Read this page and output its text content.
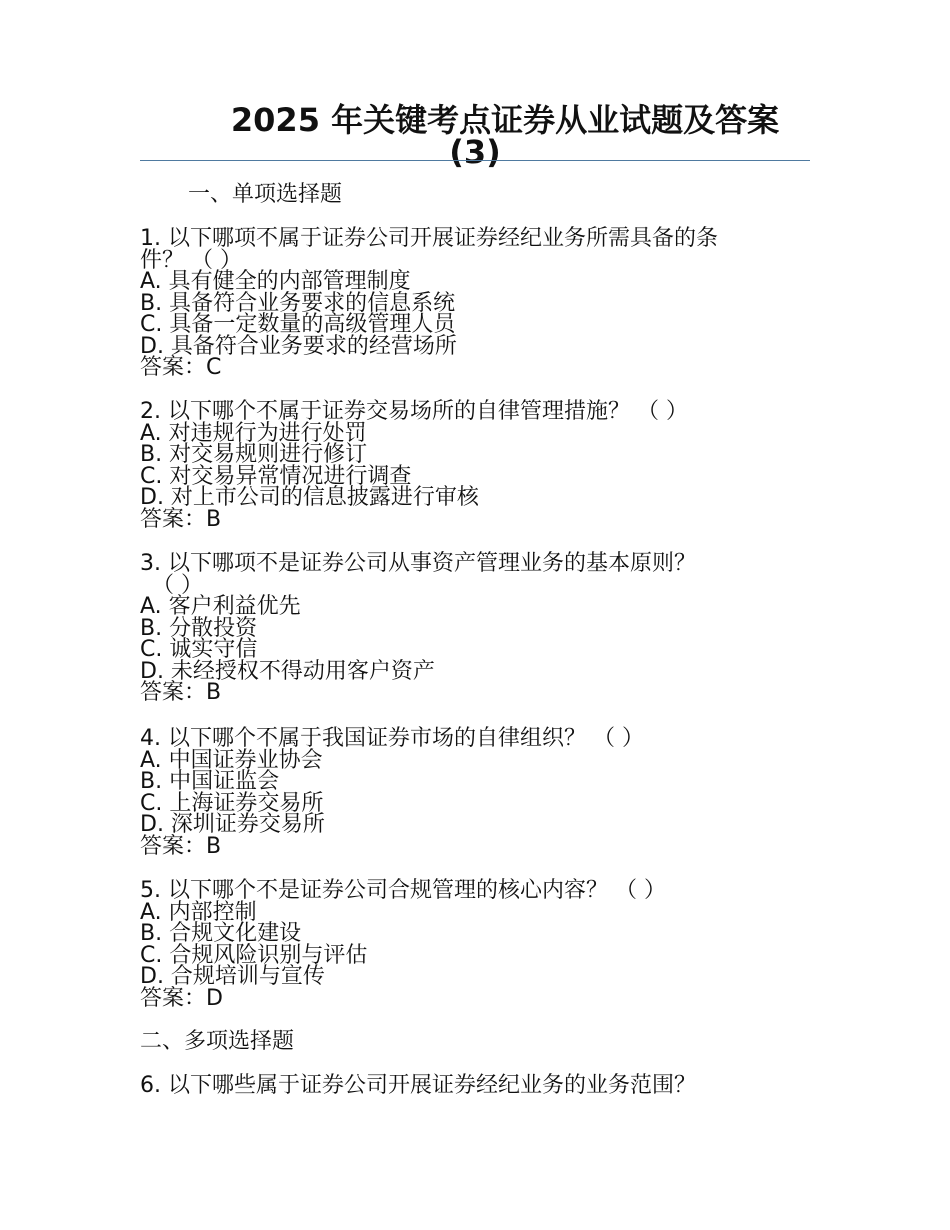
2025 年关键考点证券从业试题及答案
(3)
一、单项选择题
1. 以下哪项不属于证券公司开展证券经纪业务所需具备的条
件？ （ ）
A. 具有健全的内部管理制度
B. 具备符合业务要求的信息系统
C. 具备一定数量的高级管理人员
D. 具备符合业务要求的经营场所
答案：C
2. 以下哪个不属于证券交易场所的自律管理措施？ （ ）
A. 对违规行为进行处罚
B. 对交易规则进行修订
C. 对交易异常情况进行调查
D. 对上市公司的信息披露进行审核
答案：B
3. 以下哪项不是证券公司从事资产管理业务的基本原则？
（ ）
A. 客户利益优先
B. 分散投资
C. 诚实守信
D. 未经授权不得动用客户资产
答案：B
4. 以下哪个不属于我国证券市场的自律组织？ （ ）
A. 中国证券业协会
B. 中国证监会
C. 上海证券交易所
D. 深圳证券交易所
答案：B
5. 以下哪个不是证券公司合规管理的核心内容？ （ ）
A. 内部控制
B. 合规文化建设
C. 合规风险识别与评估
D. 合规培训与宣传
答案：D
二、多项选择题
6. 以下哪些属于证券公司开展证券经纪业务的业务范围？
